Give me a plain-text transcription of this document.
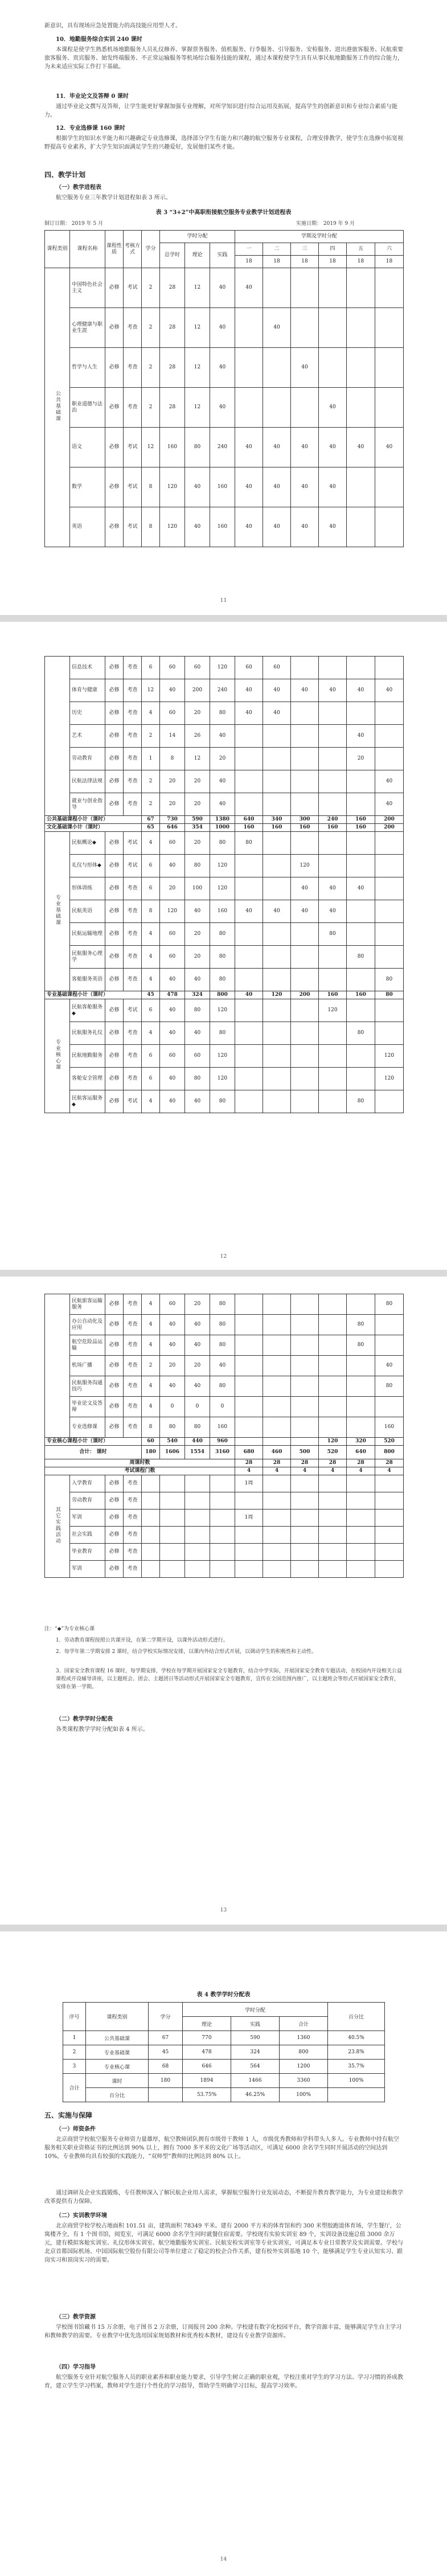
新意识，具有现场应急处置能力的高技能应用型人才。
10．地勤服务综合实训 240 课时
本课程是使学生熟悉机场地勤服务人员礼仪修养、掌握票务服务、值机服务、行李服务、引导服务、安检服务、进出港旅客服务、民航重要旅客服务、贵宾服务、始发终端服务、不正常运输服务等机场综合服务技能的课程，通过本课程使学生具有从事民航地勤服务工作的综合能力，为未来适应实际工作打下基础。
11．毕业论文及答辩 0 课时
通过毕业论文撰写及答辩，让学生能更好掌握加强专业理解，对所学知识进行综合运用及拓展，提高学生的创新意识和专业综合素质与能力。
12．专业选修课 160 课时
根据学生的知识水平能力和兴趣确定专业选修课，选择部分学生有能力和兴趣的航空服务专业课程，合理安排教学，使学生在选修中拓宽视野提高专业素养，扩大学生知识面满足学生的兴趣爱好，发展他们某些才能。
四、教学计划
（一）教学进程表
航空服务专业三年教学计划进程如表 3 所示。
表 3 “3+2”中高职衔接航空服务专业教学计划进程表
制订日期： 2019 年 5 月	实施日期： 2019 年 9 月
课程类别	课程名称	课程性质	考核方式	学分	学时分配			学期及学时分配					
					总学时	理论	实践	一	二	三	四	五	六
								18	18	18	18	18	18
公共基础课	中国特色社会主义	必修	考试	2	28	12	40	40					
	心理健康与职业生涯	必修	考查	2	28	12	40		40				
	哲学与人生	必修	考查	2	28	12	40			40			
	职业道德与法治	必修	考查	2	28	12	40				40		
	语文	必修	考试	12	160	80	240	40	40	40	40	40	40
	数学	必修	考试	8	120	40	160	40	40	40	40		
	英语	必修	考试	8	120	40	160	40	40	40	40		
11
	信息技术	必修	考查	6	60	60	120	60	60				
	体育与健康	必修	考查	12	40	200	240	40	40	40	40	40	40
	历史	必修	考查	4	60	20	80	40	40				
	艺术	必修	考查	2	14	26	40					40	
	劳动教育	必修	考查	1	8	12	20					20	
	民航法律法规	必修	考查	2	20	20	40						40
	就业与创业指导	必修	考查	2	20	20	40						40
公共基础课程小计（课时）				67	730	590	1380	640	340	300	240	160	200
文化基础课小计（课时）				65	646	354	1000	160	160	160	160	160	200
专业基础课	民航概论◆	必修	考试	4	60	20	80	80					
	礼仪与形体◆	必修	考试	6	40	80	120			120			
	形体训练	必修	考查	6	20	100	120			40	40	40	
	民航英语	必修	考查	8	120	40	160	40	40	40	40		
	民航运输地理	必修	考查	4	60	20	80				80		
	民航服务心理学	必修	考查	4	60	20	80					80	
	客舱服务英语	必修	考查	4	40	40	80						80
专业基础课程小计（课时）				45	478	324	800	40	120	200	160	160	80
专业核心课	民航客舱服务◆	必修	考试	6	40	80	120				120		
	民航服务礼仪	必修	考查	4	40	40	80					80	
	民航地勤服务	必修	考查	6	60	60	120						120
	客舱安全管理	必修	考查	6	40	80	120						120
	民航客运服务◆	必修	考试	4	40	40	80					80	
12
	民航旅客运输服务	必修	考查	4	60	20	80						80
	办公自动化及应用	必修	考查	4	40	40	80					80	
	航空危险品运输	必修	考查	4	40	40	80					80	
	机场广播	必修	考查	2	20	20	40						40
	民航服务沟通技巧	必修	考查	4	40	40	80						80
	毕业论文及答辩	必修	考查	4	0	0	0						
	专业选修课	必修	考查	8	80	80	160						160
专业核心课程小计（课时）				60	540	440	960				120	320	520
合计： 课时				180	1606	1554	3160	680	460	500	520	640	800
周课时数								28	28	28	28	28	28
考试课程门数								4	4	4	4	4	4
其它实践活动	入学教育	必修	考查					1周					
	劳动教育	必修	考查										
	军训	必修	考查					1周					
	社会实践	必修	考查										
	毕业教育	必修	考查										
	军训	必修	考查										
注：“◆”为专业核心课
1．劳动教育课程按照公共课开设，在第二学期开设，以课外活动形式进行。
2．每学年第二学期安排 2 课时，结合学校实际情况安排，以课内外结合形式开展，以调动学生的积极性和主动性。
3．国家安全教育课程 16 课时，每学期安排，学校在每学期开展国家安全专题教育，结合中学实际，开展国家安全教育专题活动，在校园内开设相关公益课程或开设辅导讲座，以主题班会、团会、主题团日等活动形式开展国家安全专题教育，宣传在全国范围内推广，以主题班会等形式开展国家安全教育，安排在第一学期。
（二）教学学时分配表
各类课程教学学时分配如表 4 所示。
13
表 4 教学学时分配表
序号	课程类别	学分	学时分配			百分比
			理论	实践	合计	
1	公共基础课	67	770	590	1360	40.5%
2	专业基础课	45	478	324	800	23.8%
3	专业核心课	68	646	564	1200	35.7%
合计	课时	180	1894	1466	3360	100%
	百分比		53.75%	46.25%	100%	
五、实施与保障
（一）师资条件
北京商贸学校航空服务专业师资力量雄厚，航空教师团队拥有市级骨干教师 1 人，市级优秀教师和学科带头人多人。专业教师中持有航空服务相关职业资格证书的比例达到 90% 以上，拥有 7000 多平米的文化广场等活动区，可满足 6000 余名学生同时开展活动的空间达到 10%，专业教师均具有较强的实践能力，“双师型”教师的比例达到 80% 以上。
通过调研及企业实践锻炼，专任教师深入了解民航企业用人需求，掌握航空服务行业发展动态，不断提升教育教学能力，为专业建设和教学改革提供有力保障。
（二）实训教学环境
北京商贸学校学校占地面积 101.51 亩，建筑面积 78349 平米。建有 2000 平方米的体育馆和约 300 米塑胶跑道体育场，学生餐厅，公寓楼齐全，有 1 个图书馆，阅览室，可满足 6000 余名学生同时就餐住宿需要。学校现有实验实训室 89 个，实训设备设施总值 3000 余万元，建有模拟客舱实训室、礼仪形体实训室、航空地勤服务实训室、民航安检实训室等专业实训室，可满足本专业日常教学及实训需要。学校与北京首都国际机场、中国国际航空股份有限公司等单位建立了稳定的校企合作关系，建有校外实训基地 10 个，能够满足学生专业认知实习、跟岗实习和顶岗实习的需要。
（三）教学资源
学校图书馆藏书 15 万余册，电子图书 2 万余册，订阅报刊 200 余种。学校建有数字化校园平台，教学资源丰富，能够满足学生自主学习和教师教学的需要。专业教学中优先选用国家规划教材和优秀校本教材，建设有专业教学资源库。
（四）学习指导
航空服务专业针对航空服务人员的职业素养和职业能力要求，引导学生树立正确的职业观，学校注重对学生的学习方法、学习习惯的养成教育，建立学生学习档案，教师对学生进行个性化的学习指导，帮助学生明确学习目标，提高学习效率。
14
